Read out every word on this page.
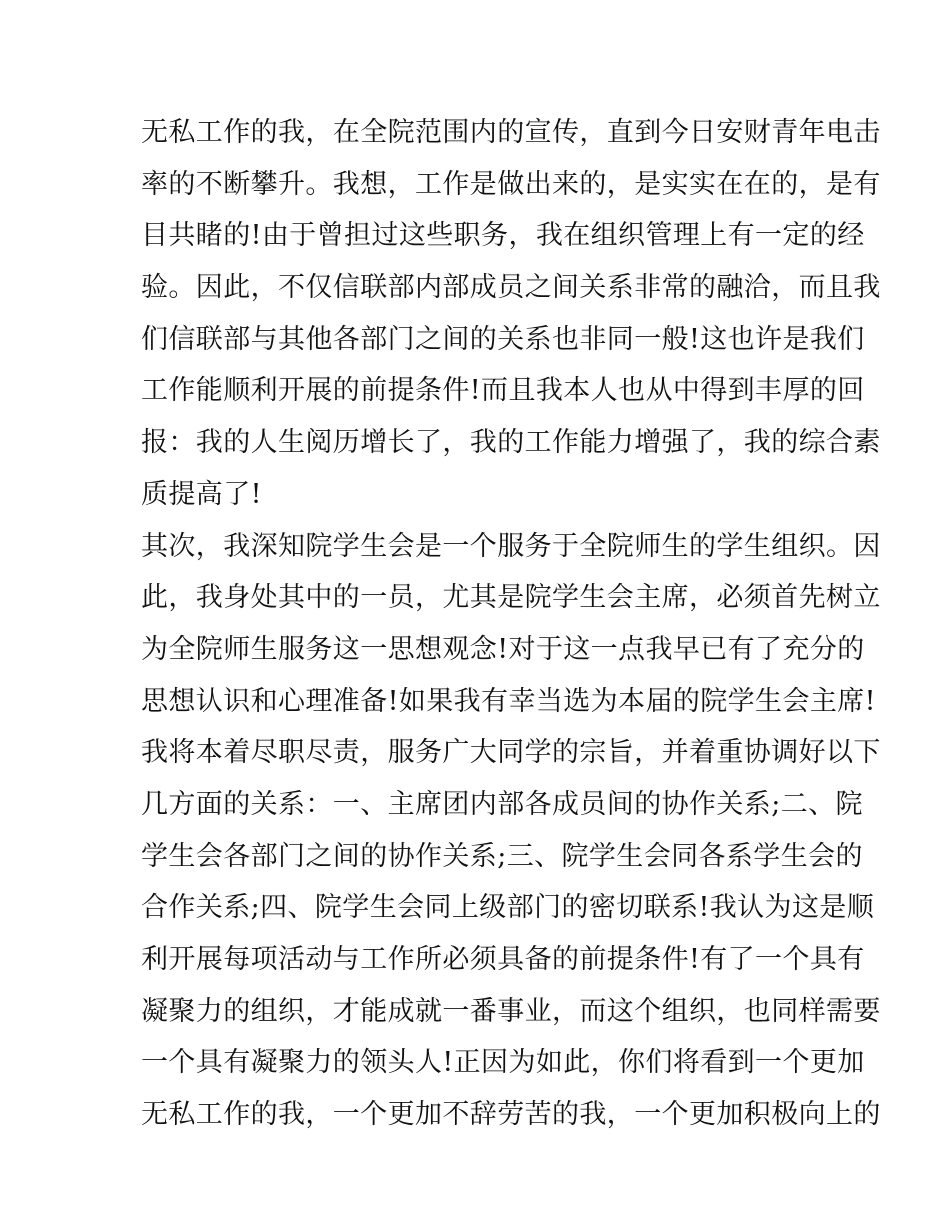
无私工作的我，在全院范围内的宣传，直到今日安财青年电击
率的不断攀升。我想，工作是做出来的，是实实在在的，是有
目共睹的!由于曾担过这些职务，我在组织管理上有一定的经
验。因此，不仅信联部内部成员之间关系非常的融洽，而且我
们信联部与其他各部门之间的关系也非同一般!这也许是我们
工作能顺利开展的前提条件!而且我本人也从中得到丰厚的回
报：我的人生阅历增长了，我的工作能力增强了，我的综合素
质提高了!
其次，我深知院学生会是一个服务于全院师生的学生组织。因
此，我身处其中的一员，尤其是院学生会主席，必须首先树立
为全院师生服务这一思想观念!对于这一点我早已有了充分的
思想认识和心理准备!如果我有幸当选为本届的院学生会主席!
我将本着尽职尽责，服务广大同学的宗旨，并着重协调好以下
几方面的关系：一、主席团内部各成员间的协作关系;二、院
学生会各部门之间的协作关系;三、院学生会同各系学生会的
合作关系;四、院学生会同上级部门的密切联系!我认为这是顺
利开展每项活动与工作所必须具备的前提条件!有了一个具有
凝聚力的组织，才能成就一番事业，而这个组织，也同样需要
一个具有凝聚力的领头人!正因为如此，你们将看到一个更加
无私工作的我，一个更加不辞劳苦的我，一个更加积极向上的
